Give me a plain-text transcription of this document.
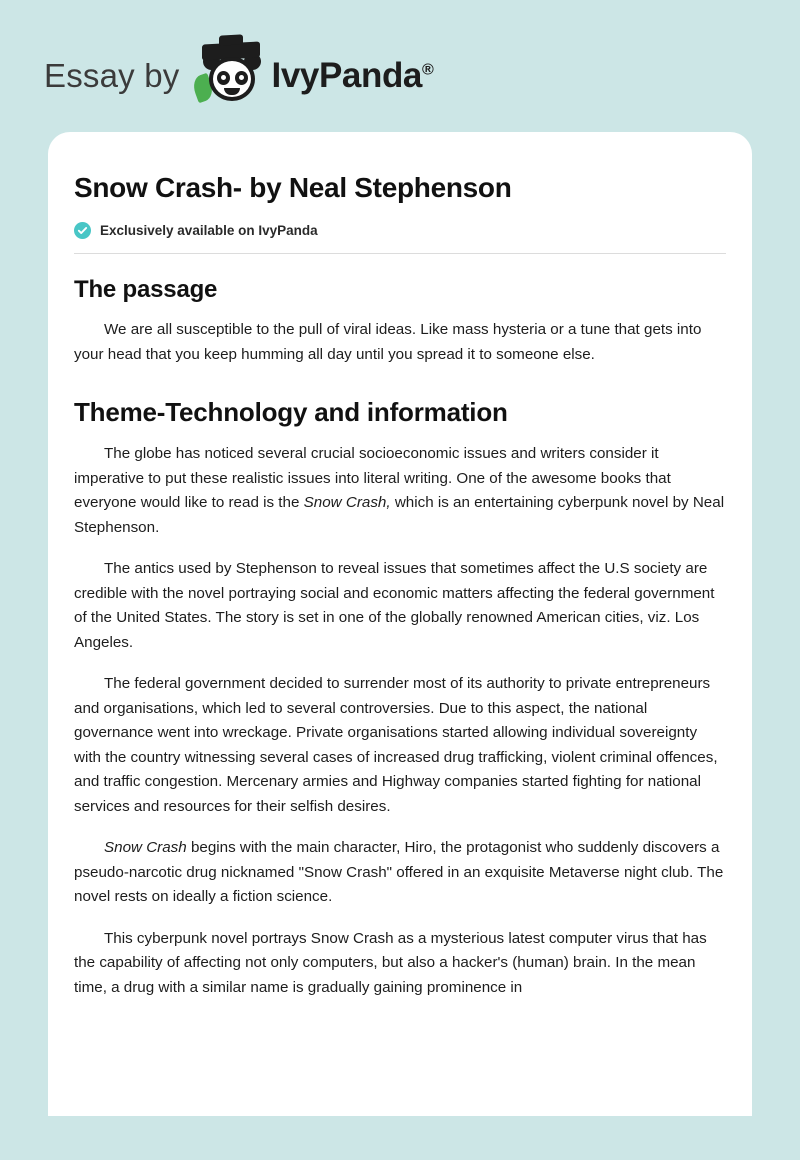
Essay by	IvyPanda®
Snow Crash- by Neal Stephenson
Exclusively available on IvyPanda
The passage

We are all susceptible to the pull of viral ideas. Like mass hysteria or a tune that gets into your head that you keep humming all day until you spread it to someone else.

Theme-Technology and information

The globe has noticed several crucial socioeconomic issues and writers consider it imperative to put these realistic issues into literal writing. One of the awesome books that everyone would like to read is the Snow Crash, which is an entertaining cyberpunk novel by Neal Stephenson.

The antics used by Stephenson to reveal issues that sometimes affect the U.S society are credible with the novel portraying social and economic matters affecting the federal government of the United States. The story is set in one of the globally renowned American cities, viz. Los Angeles.

The federal government decided to surrender most of its authority to private entrepreneurs and organisations, which led to several controversies. Due to this aspect, the national governance went into wreckage. Private organisations started allowing individual sovereignty with the country witnessing several cases of increased drug trafficking, violent criminal offences, and traffic congestion. Mercenary armies and Highway companies started fighting for national services and resources for their selfish desires.

Snow Crash begins with the main character, Hiro, the protagonist who suddenly discovers a pseudo-narcotic drug nicknamed "Snow Crash" offered in an exquisite Metaverse night club. The novel rests on ideally a fiction science.

This cyberpunk novel portrays Snow Crash as a mysterious latest computer virus that has the capability of affecting not only computers, but also a hacker's (human) brain. In the mean time, a drug with a similar name is gradually gaining prominence in
